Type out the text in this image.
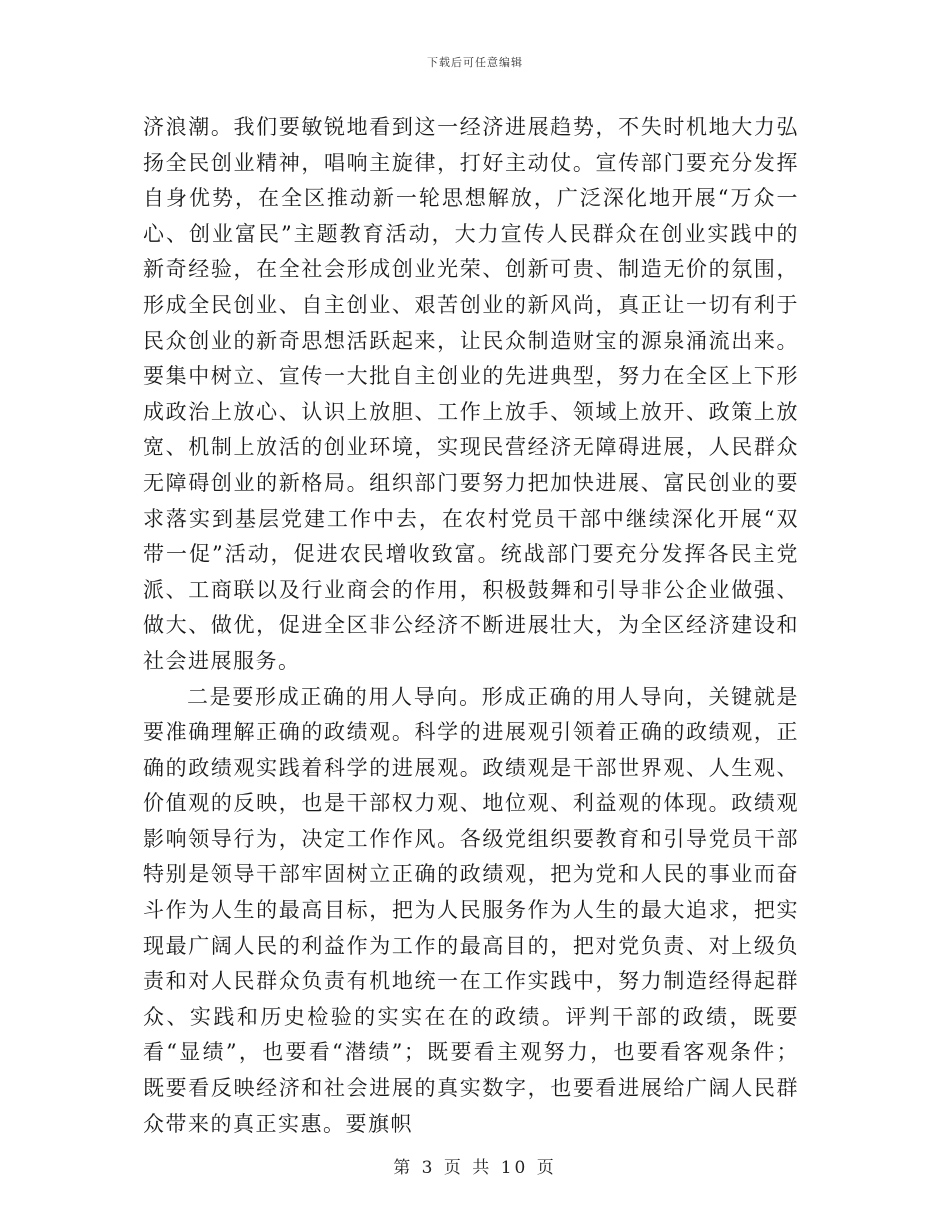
下载后可任意编辑

济浪潮。我们要敏锐地看到这一经济进展趋势，不失时机地大力弘扬全民创业精神，唱响主旋律，打好主动仗。宣传部门要充分发挥自身优势，在全区推动新一轮思想解放，广泛深化地开展“万众一心、创业富民”主题教育活动，大力宣传人民群众在创业实践中的新奇经验，在全社会形成创业光荣、创新可贵、制造无价的氛围，形成全民创业、自主创业、艰苦创业的新风尚，真正让一切有利于民众创业的新奇思想活跃起来，让民众制造财宝的源泉涌流出来。要集中树立、宣传一大批自主创业的先进典型，努力在全区上下形成政治上放心、认识上放胆、工作上放手、领域上放开、政策上放宽、机制上放活的创业环境，实现民营经济无障碍进展，人民群众无障碍创业的新格局。组织部门要努力把加快进展、富民创业的要求落实到基层党建工作中去，在农村党员干部中继续深化开展“双带一促”活动，促进农民增收致富。统战部门要充分发挥各民主党派、工商联以及行业商会的作用，积极鼓舞和引导非公企业做强、做大、做优，促进全区非公经济不断进展壮大，为全区经济建设和社会进展服务。

二是要形成正确的用人导向。形成正确的用人导向，关键就是要准确理解正确的政绩观。科学的进展观引领着正确的政绩观，正确的政绩观实践着科学的进展观。政绩观是干部世界观、人生观、价值观的反映，也是干部权力观、地位观、利益观的体现。政绩观影响领导行为，决定工作作风。各级党组织要教育和引导党员干部特别是领导干部牢固树立正确的政绩观，把为党和人民的事业而奋斗作为人生的最高目标，把为人民服务作为人生的最大追求，把实现最广阔人民的利益作为工作的最高目的，把对党负责、对上级负责和对人民群众负责有机地统一在工作实践中，努力制造经得起群众、实践和历史检验的实实在在的政绩。评判干部的政绩，既要看“显绩”，也要看“潜绩”；既要看主观努力，也要看客观条件；既要看反映经济和社会进展的真实数字，也要看进展给广阔人民群众带来的真正实惠。要旗帜

第 3 页 共 10 页
